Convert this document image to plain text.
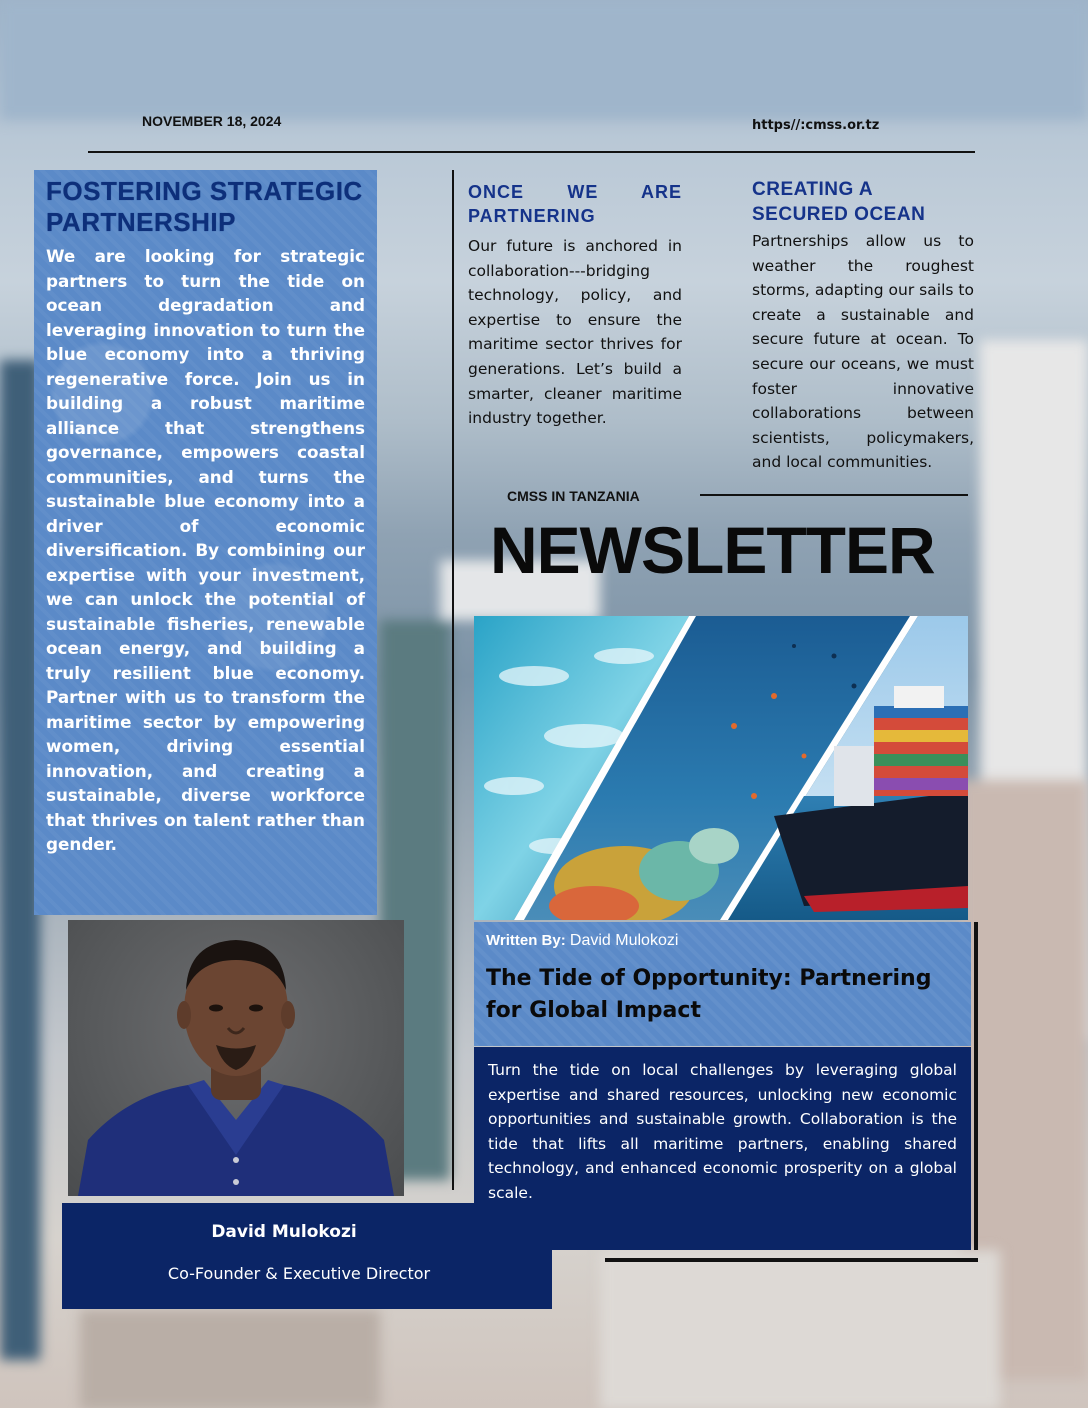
NOVEMBER 18, 2024	https//:cmss.or.tz
FOSTERING STRATEGIC PARTNERSHIP

We are looking for strategic partners to turn the tide on ocean degradation and leveraging innovation to turn the blue economy into a thriving regenerative force. Join us in building a robust maritime alliance that strengthens governance, empowers coastal communities, and turns the sustainable blue economy into a driver of economic diversification. By combining our expertise with your investment, we can unlock the potential of sustainable fisheries, renewable ocean energy, and building a truly resilient blue economy. Partner with us to transform the maritime sector by empowering women, driving essential innovation, and creating a sustainable, diverse workforce that thrives on talent rather than gender.

ONCE WE ARE
PARTNERING

Our future is anchored in collaboration---bridging technology, policy, and expertise to ensure the maritime sector thrives for generations. Let’s build a smarter, cleaner maritime industry together.

CREATING A SECURED OCEAN

Partnerships allow us to weather the roughest storms, adapting our sails to create a sustainable and secure future at ocean. To secure our oceans, we must foster innovative collaborations between scientists, policymakers, and local communities.

CMSS IN TANZANIA
NEWSLETTER
Written By: David Mulokozi
The Tide of Opportunity: Partnering for Global Impact

Turn the tide on local challenges by leveraging global expertise and shared resources, unlocking new economic opportunities and sustainable growth. Collaboration is the tide that lifts all maritime partners, enabling shared technology, and enhanced economic prosperity on a global scale.

David Mulokozi
Co-Founder & Executive Director
